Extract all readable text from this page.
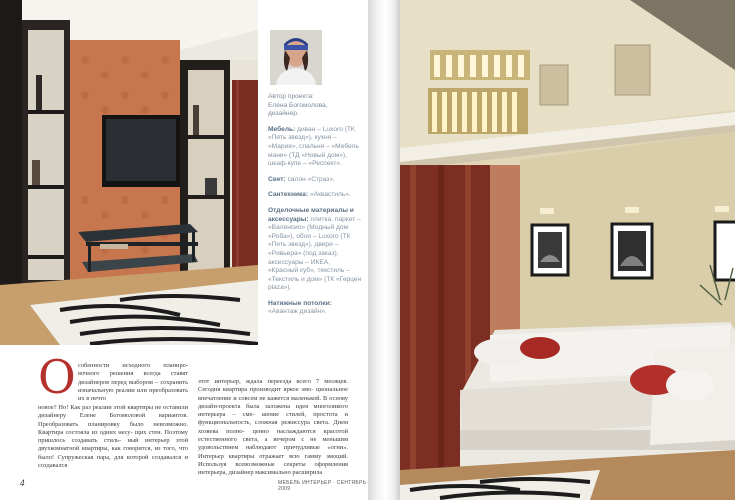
Автор проекта:
Елена Богомолова,
дизайнер.
Мебель: диван – Luxoro (ТК «Пять звезд»), кухня – «Мария», спальня – «Мебель мани» (ТД «Новый дом»), шкаф-купе – «Респект».
Свет: салон «Страз».
Сантехника: «Аквастиль».
Отделочные материалы и аксессуары: плитка, паркет – «Валенсио» (Модный дом «Роба»), обои – Luxoro (ТК «Пять звезд»), двери – «Ривьера» (под заказ), аксессуары – ИКЕА, «Красный куб», текстиль – «Текстиль и дом» (ТК «Герцен plaza»).
Натяжные потолки: «Авантаж дизайн».
О собенности исходного планиро- вочного решения всегда ставят дизайнеров перед выбором – сохранить изначальную реалии или преобразовать их в нечто
новое? Но! Как раз реалии этой квартиры не оставили дизайнеру Елене Богомоловой вариантов. Преобразовать планировку было невозможно. Квартира состояла из одних несу- щих стен. Поэтому пришлось создавать стиль- ный интерьер этой двухкомнатной квартиры, как говорится, из того, что было! Супружеская пара, для которой создавался и создавался
этот интерьер, ждала переезда всего 7 месяцев. Сегодня квартира производит яркое эмо- циональное впечатление и совсем не кажется маленькой. В основу дизайн-проекта была заложена идея многоликого интерьера – сме- шение стилей, простота и функциональность, сложная режиссура света. Днем хозяева полно- ценно наслаждаются красотой естественного света, а вечером с не меньшим удовольствием наблюдают причудливые «огни». Интерьер квартиры отражает всю гамму эмоций. Используя всевозможные секреты оформления интерьера, дизайнер максимально расширила
4	МЕБЕЛЬ ИНТЕРЬЕР · СЕНТЯБРЬ 2009
